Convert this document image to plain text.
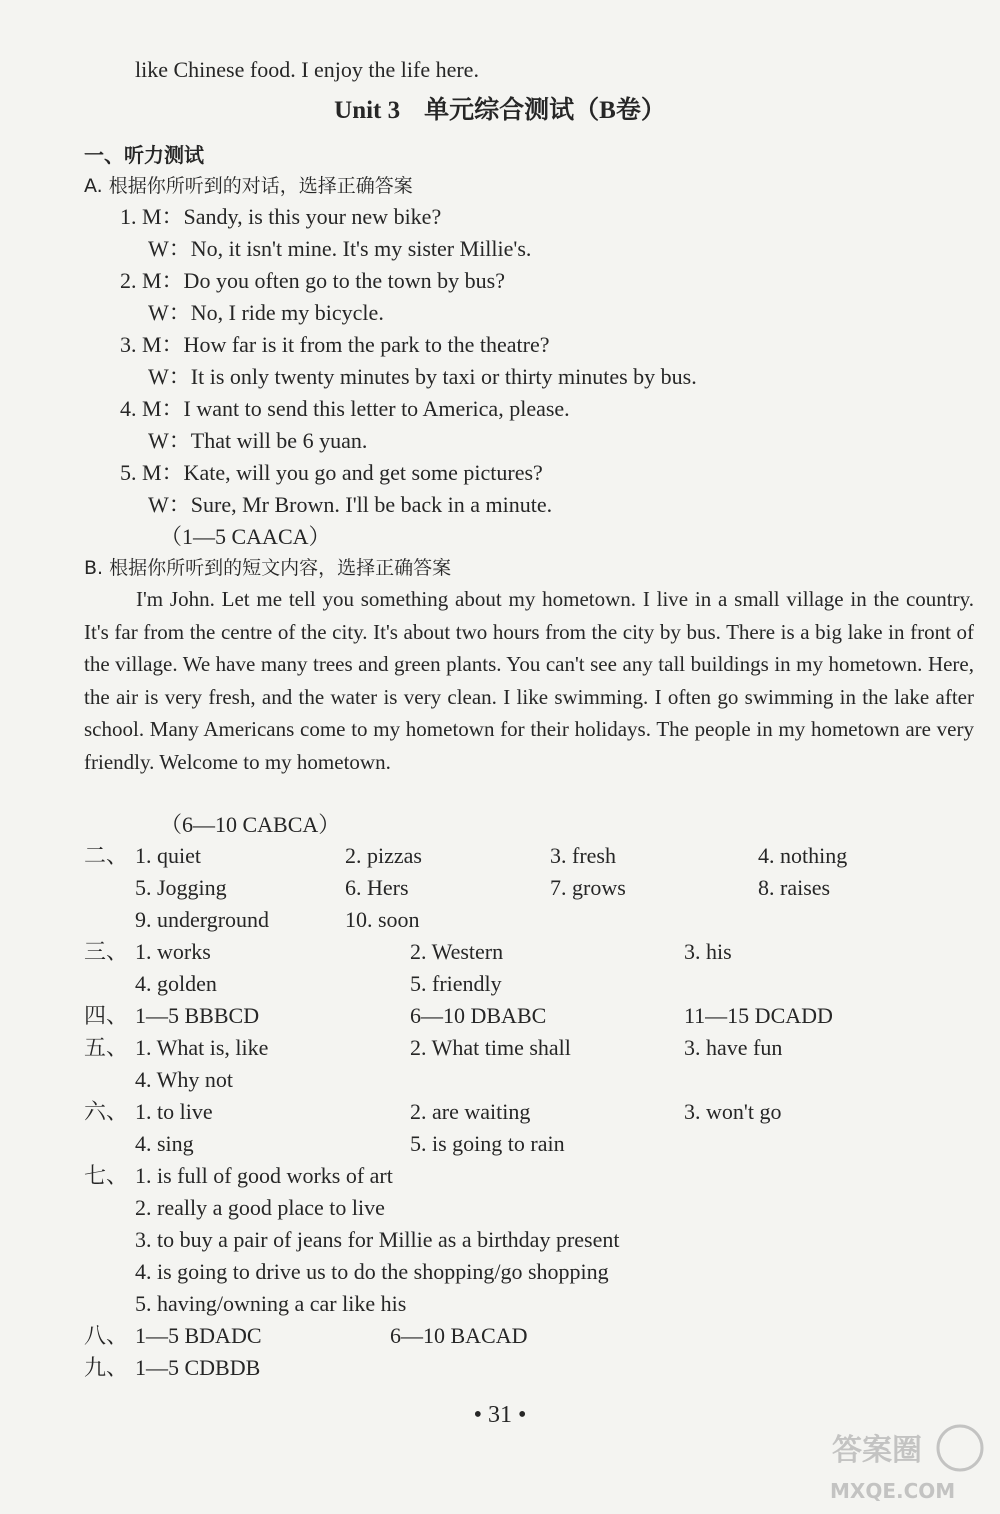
like Chinese food. I enjoy the life here.
Unit 3 单元综合测试（B卷）
一、听力测试
A. 根据你所听到的对话，选择正确答案
1. M：Sandy, is this your new bike?
W：No, it isn't mine. It's my sister Millie's.
2. M：Do you often go to the town by bus?
W：No, I ride my bicycle.
3. M：How far is it from the park to the theatre?
W：It is only twenty minutes by taxi or thirty minutes by bus.
4. M：I want to send this letter to America, please.
W：That will be 6 yuan.
5. M：Kate, will you go and get some pictures?
W：Sure, Mr Brown. I'll be back in a minute.
（1—5 CAACA）
B. 根据你所听到的短文内容，选择正确答案
I'm John. Let me tell you something about my hometown. I live in a small village in the country. It's far from the centre of the city. It's about two hours from the city by bus. There is a big lake in front of the village. We have many trees and green plants. You can't see any tall buildings in my hometown. Here, the air is very fresh, and the water is very clean. I like swimming. I often go swimming in the lake after school. Many Americans come to my hometown for their holidays. The people in my hometown are very friendly. Welcome to my hometown.
（6—10 CABCA）
二、 1. quiet	2. pizzas	3. fresh	4. nothing
5. Jogging	6. Hers	7. grows	8. raises
9. underground	10. soon
三、 1. works	2. Western	3. his
4. golden	5. friendly
四、 1—5 BBBCD	6—10 DBABC	11—15 DCADD
五、 1. What is, like	2. What time shall	3. have fun
4. Why not
六、 1. to live	2. are waiting	3. won't go
4. sing	5. is going to rain
七、 1. is full of good works of art
2. really a good place to live
3. to buy a pair of jeans for Millie as a birthday present
4. is going to drive us to do the shopping/go shopping
5. having/owning a car like his
八、 1—5 BDADC	6—10 BACAD
九、 1—5 CDBDB
• 31 •
答案圈
MXQE.COM
